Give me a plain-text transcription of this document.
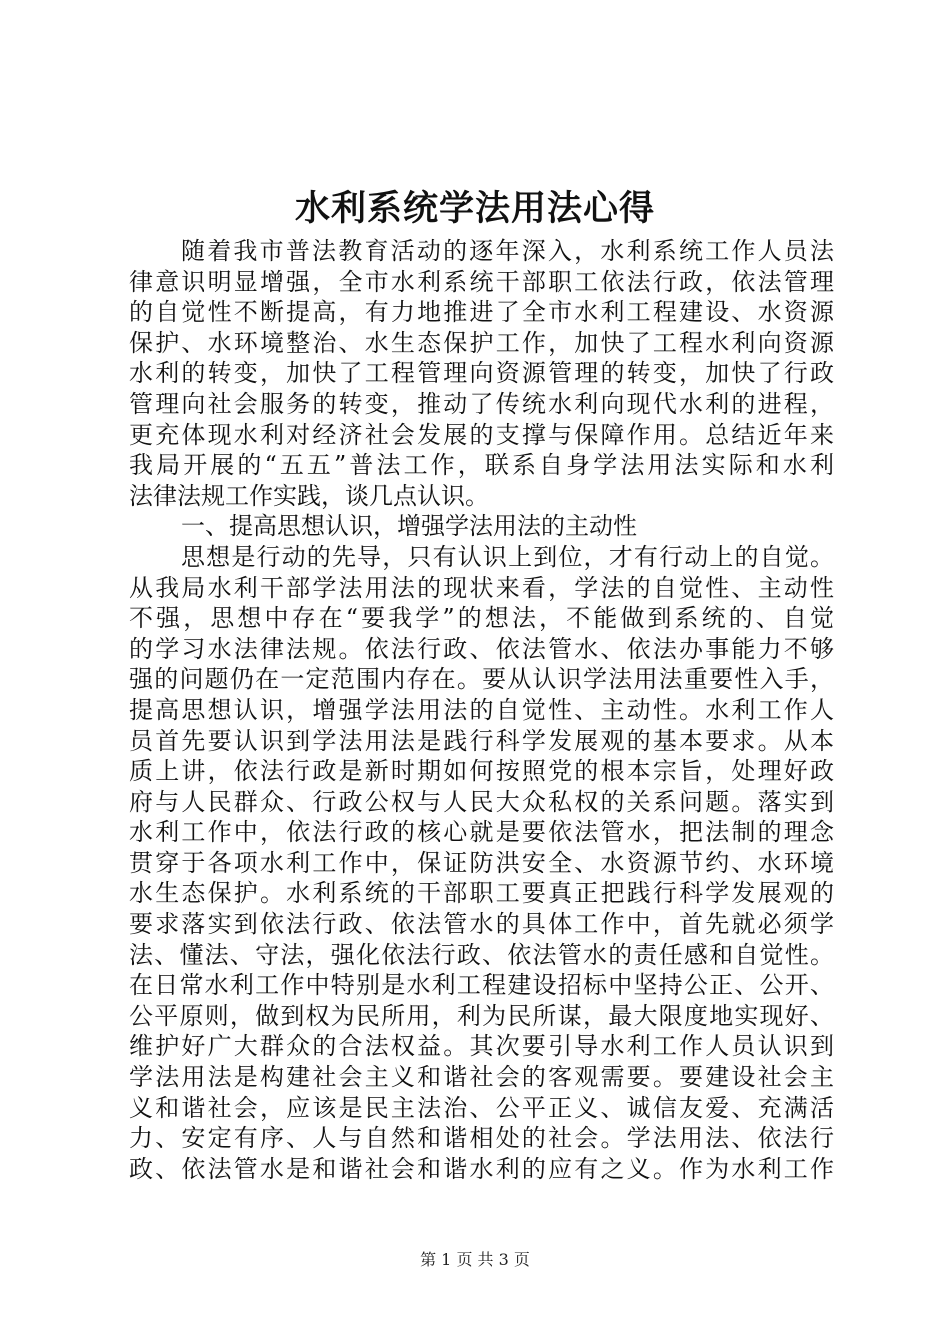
水利系统学法用法心得
随着我市普法教育活动的逐年深入，水利系统工作人员法
律意识明显增强，全市水利系统干部职工依法行政，依法管理
的自觉性不断提高，有力地推进了全市水利工程建设、水资源
保护、水环境整治、水生态保护工作，加快了工程水利向资源
水利的转变，加快了工程管理向资源管理的转变，加快了行政
管理向社会服务的转变，推动了传统水利向现代水利的进程，
更充体现水利对经济社会发展的支撑与保障作用。总结近年来
我局开展的“五五”普法工作，联系自身学法用法实际和水利
法律法规工作实践，谈几点认识。
一、提高思想认识，增强学法用法的主动性
思想是行动的先导，只有认识上到位，才有行动上的自觉。
从我局水利干部学法用法的现状来看，学法的自觉性、主动性
不强，思想中存在“要我学”的想法，不能做到系统的、自觉
的学习水法律法规。依法行政、依法管水、依法办事能力不够
强的问题仍在一定范围内存在。要从认识学法用法重要性入手，
提高思想认识，增强学法用法的自觉性、主动性。水利工作人
员首先要认识到学法用法是践行科学发展观的基本要求。从本
质上讲，依法行政是新时期如何按照党的根本宗旨，处理好政
府与人民群众、行政公权与人民大众私权的关系问题。落实到
水利工作中，依法行政的核心就是要依法管水，把法制的理念
贯穿于各项水利工作中，保证防洪安全、水资源节约、水环境
水生态保护。水利系统的干部职工要真正把践行科学发展观的
要求落实到依法行政、依法管水的具体工作中，首先就必须学
法、懂法、守法，强化依法行政、依法管水的责任感和自觉性。
在日常水利工作中特别是水利工程建设招标中坚持公正、公开、
公平原则，做到权为民所用，利为民所谋，最大限度地实现好、
维护好广大群众的合法权益。其次要引导水利工作人员认识到
学法用法是构建社会主义和谐社会的客观需要。要建设社会主
义和谐社会，应该是民主法治、公平正义、诚信友爱、充满活
力、安定有序、人与自然和谐相处的社会。学法用法、依法行
政、依法管水是和谐社会和谐水利的应有之义。作为水利工作
第 1 页 共 3 页
